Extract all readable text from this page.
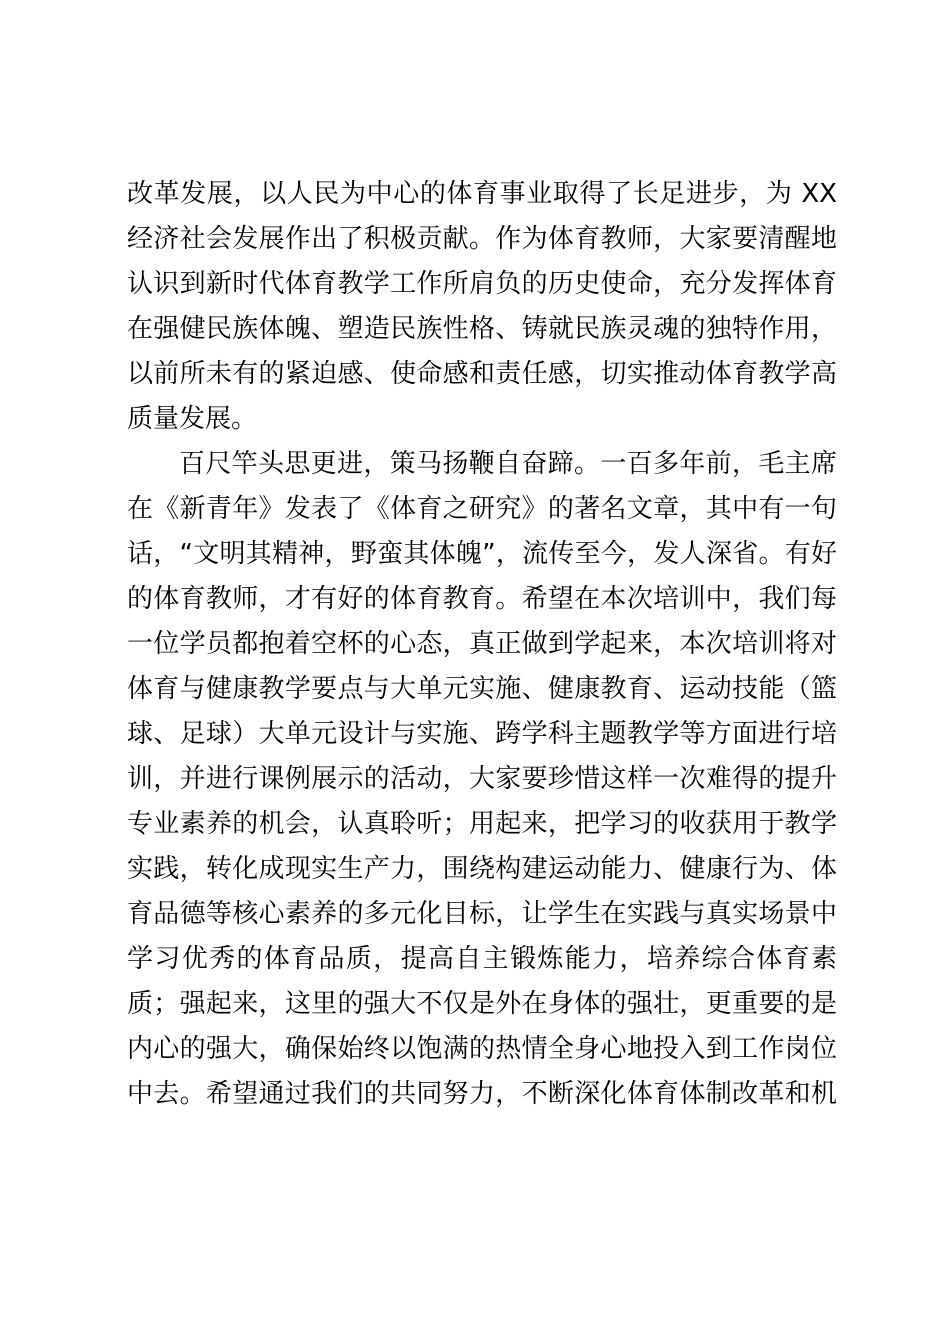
改革发展，以人民为中心的体育事业取得了长足进步，为 XX
经济社会发展作出了积极贡献。作为体育教师，大家要清醒地
认识到新时代体育教学工作所肩负的历史使命，充分发挥体育
在强健民族体魄、塑造民族性格、铸就民族灵魂的独特作用，
以前所未有的紧迫感、使命感和责任感，切实推动体育教学高
质量发展。
百尺竿头思更进，策马扬鞭自奋蹄。一百多年前，毛主席
在《新青年》发表了《体育之研究》的著名文章，其中有一句
话，“文明其精神，野蛮其体魄”，流传至今，发人深省。有好
的体育教师，才有好的体育教育。希望在本次培训中，我们每
一位学员都抱着空杯的心态，真正做到学起来，本次培训将对
体育与健康教学要点与大单元实施、健康教育、运动技能（篮
球、足球）大单元设计与实施、跨学科主题教学等方面进行培
训，并进行课例展示的活动，大家要珍惜这样一次难得的提升
专业素养的机会，认真聆听；用起来，把学习的收获用于教学
实践，转化成现实生产力，围绕构建运动能力、健康行为、体
育品德等核心素养的多元化目标，让学生在实践与真实场景中
学习优秀的体育品质，提高自主锻炼能力，培养综合体育素
质；强起来，这里的强大不仅是外在身体的强壮，更重要的是
内心的强大，确保始终以饱满的热情全身心地投入到工作岗位
中去。希望通过我们的共同努力，不断深化体育体制改革和机
